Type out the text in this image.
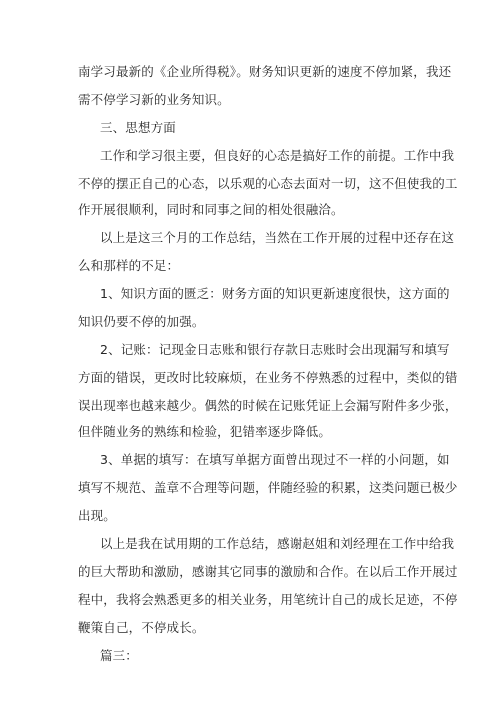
南学习最新的《企业所得税》。财务知识更新的速度不停加紧，我还
需不停学习新的业务知识。
三、思想方面
工作和学习很主要，但良好的心态是搞好工作的前提。工作中我
不停的摆正自己的心态，以乐观的心态去面对一切，这不但使我的工
作开展很顺利，同时和同事之间的相处很融洽。
以上是这三个月的工作总结，当然在工作开展的过程中还存在这
么和那样的不足：
1、知识方面的匮乏：财务方面的知识更新速度很快，这方面的
知识仍要不停的加强。
2、记账：记现金日志账和银行存款日志账时会出现漏写和填写
方面的错误，更改时比较麻烦，在业务不停熟悉的过程中，类似的错
误出现率也越来越少。偶然的时候在记账凭证上会漏写附件多少张，
但伴随业务的熟练和检验，犯错率逐步降低。
3、单据的填写：在填写单据方面曾出现过不一样的小问题，如
填写不规范、盖章不合理等问题，伴随经验的积累，这类问题已极少
出现。
以上是我在试用期的工作总结，感谢赵姐和刘经理在工作中给我
的巨大帮助和激励，感谢其它同事的激励和合作。在以后工作开展过
程中，我将会熟悉更多的相关业务，用笔统计自己的成长足迹，不停
鞭策自己，不停成长。
篇三：
